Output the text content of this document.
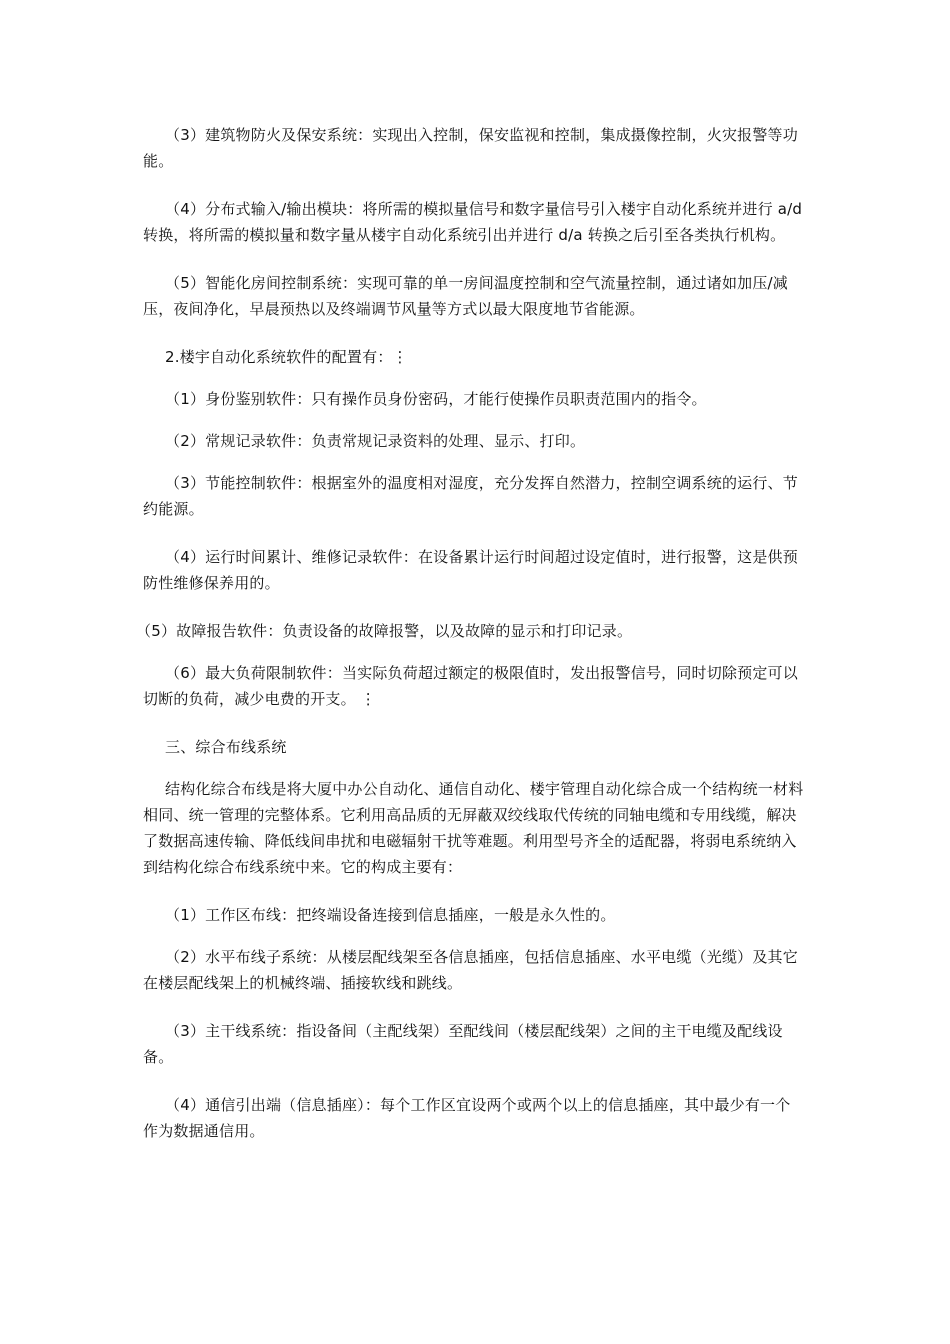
（3）建筑物防火及保安系统：实现出入控制，保安监视和控制，集成摄像控制，火灾报警等功能。

（4）分布式输入/输出模块：将所需的模拟量信号和数字量信号引入楼宇自动化系统并进行 a/d 转换，将所需的模拟量和数字量从楼宇自动化系统引出并进行 d/a 转换之后引至各类执行机构。

（5）智能化房间控制系统：实现可靠的单一房间温度控制和空气流量控制，通过诸如加压/减压，夜间净化，早晨预热以及终端调节风量等方式以最大限度地节省能源。

2.楼宇自动化系统软件的配置有：⋮

（1）身份鉴别软件：只有操作员身份密码，才能行使操作员职责范围内的指令。

（2）常规记录软件：负责常规记录资料的处理、显示、打印。

（3）节能控制软件：根据室外的温度相对湿度，充分发挥自然潜力，控制空调系统的运行、节约能源。

（4）运行时间累计、维修记录软件：在设备累计运行时间超过设定值时，进行报警，这是供预防性维修保养用的。

（5）故障报告软件：负责设备的故障报警，以及故障的显示和打印记录。

（6）最大负荷限制软件：当实际负荷超过额定的极限值时，发出报警信号，同时切除预定可以切断的负荷，减少电费的开支。 ⋮

三、综合布线系统

结构化综合布线是将大厦中办公自动化、通信自动化、楼宇管理自动化综合成一个结构统一材料相同、统一管理的完整体系。它利用高品质的无屏蔽双绞线取代传统的同轴电缆和专用线缆，解决了数据高速传输、降低线间串扰和电磁辐射干扰等难题。利用型号齐全的适配器，将弱电系统纳入到结构化综合布线系统中来。它的构成主要有：

（1）工作区布线：把终端设备连接到信息插座，一般是永久性的。

（2）水平布线子系统：从楼层配线架至各信息插座，包括信息插座、水平电缆（光缆）及其它在楼层配线架上的机械终端、插接软线和跳线。

（3）主干线系统：指设备间（主配线架）至配线间（楼层配线架）之间的主干电缆及配线设备。

（4）通信引出端（信息插座）：每个工作区宜设两个或两个以上的信息插座，其中最少有一个作为数据通信用。
